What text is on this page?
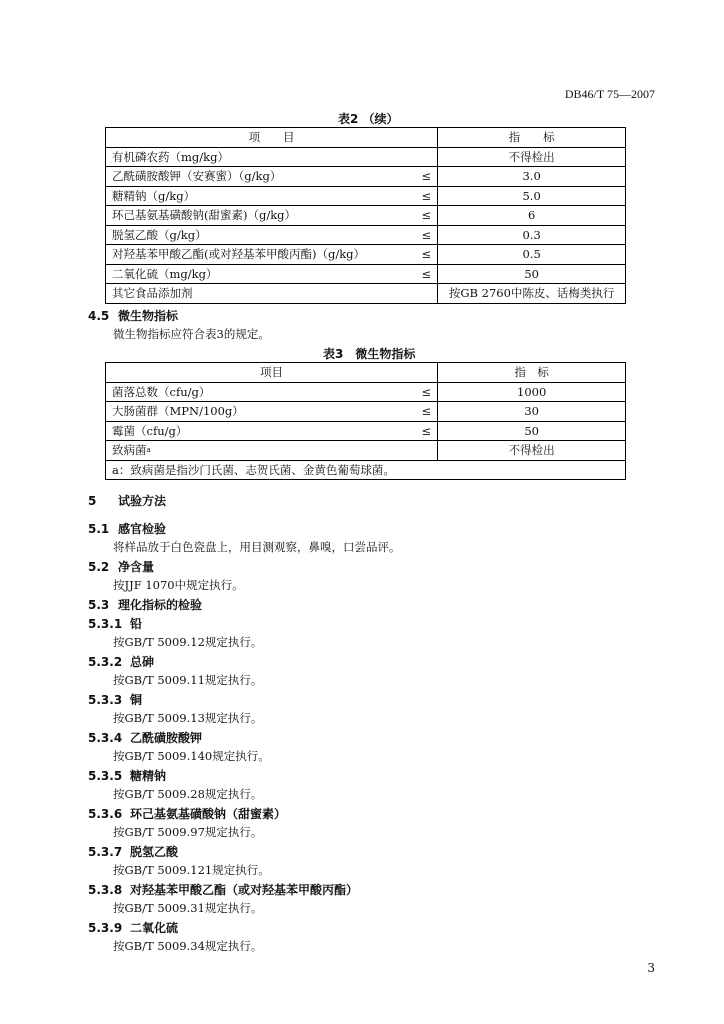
DB46/T 75—2007
表2 （续）
项　　目		指　　标
有机磷农药（mg/kg）		不得检出
乙酰磺胺酸钾（安赛蜜）（g/kg）	≤	3.0
糖精钠（g/kg）	≤	5.0
环己基氨基磺酸钠(甜蜜素)（g/kg）	≤	6
脱氢乙酸（g/kg）	≤	0.3
对羟基苯甲酸乙酯(或对羟基苯甲酸丙酯)（g/kg）	≤	0.5
二氧化硫（mg/kg）	≤	50
其它食品添加剂		按GB 2760中陈皮、话梅类执行
4.5 微生物指标
微生物指标应符合表3的规定。
表3　微生物指标
项目		指　标
菌落总数（cfu/g）	≤	1000
大肠菌群（MPN/100g）	≤	30
霉菌（cfu/g）	≤	50
致病菌$^a$		不得检出
a：致病菌是指沙门氏菌、志贺氏菌、金黄色葡萄球菌。		
5 试验方法
5.1 感官检验
将样品放于白色瓷盘上，用目测观察，鼻嗅，口尝品评。
5.2 净含量
按JJF 1070中规定执行。
5.3 理化指标的检验
5.3.1 铅
按GB/T 5009.12规定执行。
5.3.2 总砷
按GB/T 5009.11规定执行。
5.3.3 铜
按GB/T 5009.13规定执行。
5.3.4 乙酰磺胺酸钾
按GB/T 5009.140规定执行。
5.3.5 糖精钠
按GB/T 5009.28规定执行。
5.3.6 环己基氨基磺酸钠（甜蜜素）
按GB/T 5009.97规定执行。
5.3.7 脱氢乙酸
按GB/T 5009.121规定执行。
5.3.8 对羟基苯甲酸乙酯（或对羟基苯甲酸丙酯）
按GB/T 5009.31规定执行。
5.3.9 二氧化硫
按GB/T 5009.34规定执行。
3
